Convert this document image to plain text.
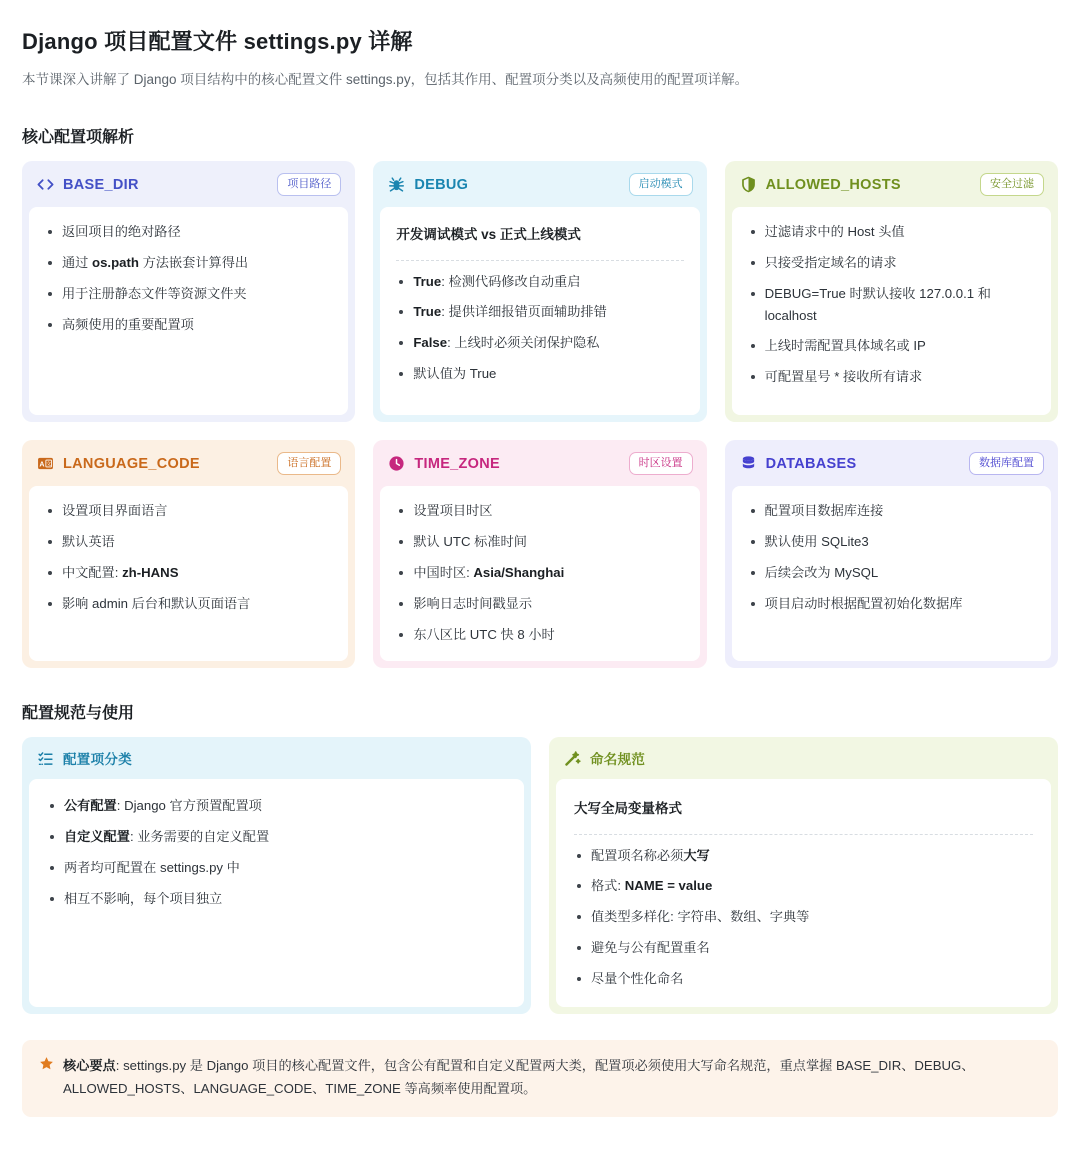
Django 项目配置文件 settings.py 详解

本节课深入讲解了 Django 项目结构中的核心配置文件 settings.py，包括其作用、配置项分类以及高频使用的配置项详解。

核心配置项解析
BASE_DIR	项目路径
返回项目的绝对路径
通过 os.path 方法嵌套计算得出
用于注册静态文件等资源文件夹
高频使用的重要配置项
DEBUG	启动模式
开发调试模式 vs 正式上线模式
True: 检测代码修改自动重启
True: 提供详细报错页面辅助排错
False: 上线时必须关闭保护隐私
默认值为 True
ALLOWED_HOSTS	安全过滤
过滤请求中的 Host 头值
只接受指定域名的请求
DEBUG=True 时默认接收 127.0.0.1 和 localhost
上线时需配置具体域名或 IP
可配置星号 * 接收所有请求
A 文 LANGUAGE_CODE	语言配置
设置项目界面语言
默认英语
中文配置: zh-HANS
影响 admin 后台和默认页面语言
TIME_ZONE	时区设置
设置项目时区
默认 UTC 标准时间
中国时区: Asia/Shanghai
影响日志时间戳显示
东八区比 UTC 快 8 小时
DATABASES	数据库配置
配置项目数据库连接
默认使用 SQLite3
后续会改为 MySQL
项目启动时根据配置初始化数据库
配置规范与使用
配置项分类
公有配置: Django 官方预置配置项
自定义配置: 业务需要的自定义配置
两者均可配置在 settings.py 中
相互不影响，每个项目独立
命名规范
大写全局变量格式
配置项名称必须大写
格式: NAME = value
值类型多样化: 字符串、数组、字典等
避免与公有配置重名
尽量个性化命名
核心要点: settings.py 是 Django 项目的核心配置文件，包含公有配置和自定义配置两大类，配置项必须使用大写命名规范，重点掌握 BASE_DIR、DEBUG、ALLOWED_HOSTS、LANGUAGE_CODE、TIME_ZONE 等高频率使用配置项。
